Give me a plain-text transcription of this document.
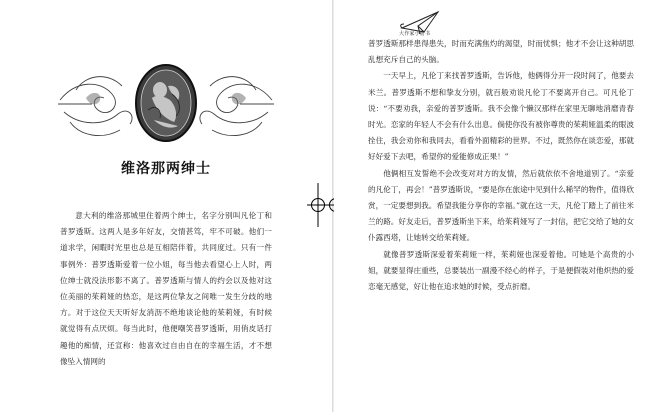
维洛那两绅士

意大利的维洛那城里住着两个绅士，名字分别叫凡伦丁和普罗透斯。这两人是多年好友，交情甚笃，牢不可破。他们一道求学，闲暇时光里也总是互相陪伴着，共同度过。只有一件事例外：普罗透斯爱着一位小姐，每当他去看望心上人时，两位绅士就没法形影不离了。普罗透斯与情人的约会以及他对这位美丽的茱莉娅的热恋，是这两位挚友之间唯一发生分歧的地方。对于这位天天听好友消沥不绝地谈论他的茱莉娅，有时候就觉得有点厌烦。每当此时，他便嘲笑普罗透斯，用俏皮话打趣他的痴情，还宣称：他喜欢过自由自在的幸福生活，才不想像坠入情网的

大作家小册书

普罗透斯那样患得患失，时而充满焦灼的渴望，时而忧惧；他才不会让这种胡思乱想充斥自己的头脑。

一天早上，凡伦丁来找普罗透斯，告诉他，他俩得分开一段时间了，他要去米兰。普罗透斯不想和挚友分别，就百般劝说凡伦丁不要离开自己。可凡伦丁说：“不要劝我，亲爱的普罗透斯。我不会像个懒汉那样在家里无聊地消磨青春时光。恋家的年轻人不会有什么出息。倘使你没有被你尊贵的茱莉娅温柔的眼波拴住，我会劝你和我同去，看看外面精彩的世界。不过，既然你在谈恋爱，那就好好爱下去吧，希望你的爱能修成正果！”

他俩相互发誓绝不会改变对对方的友情，然后就依依不舍地道别了。“亲爱的凡伦丁，再会！”普罗透斯说，“要是你在旅途中见到什么稀罕的物件，值得欣赏，一定要想到我。希望我能分享你的幸福。”就在这一天，凡伦丁踏上了前往米兰的路。好友走后，普罗透斯坐下来，给茱莉娅写了一封信，把它交给了她的女仆露西塔，让她转交给茱莉娅。

就像普罗透斯深爱着茱莉娅一样，茱莉娅也深爱着他。可她是个高贵的小姐，就要显得庄重些，总要装出一副漫不经心的样子，于是便假装对他炽热的爱恋毫无感觉，好让他在追求她的时候，受点折磨。
